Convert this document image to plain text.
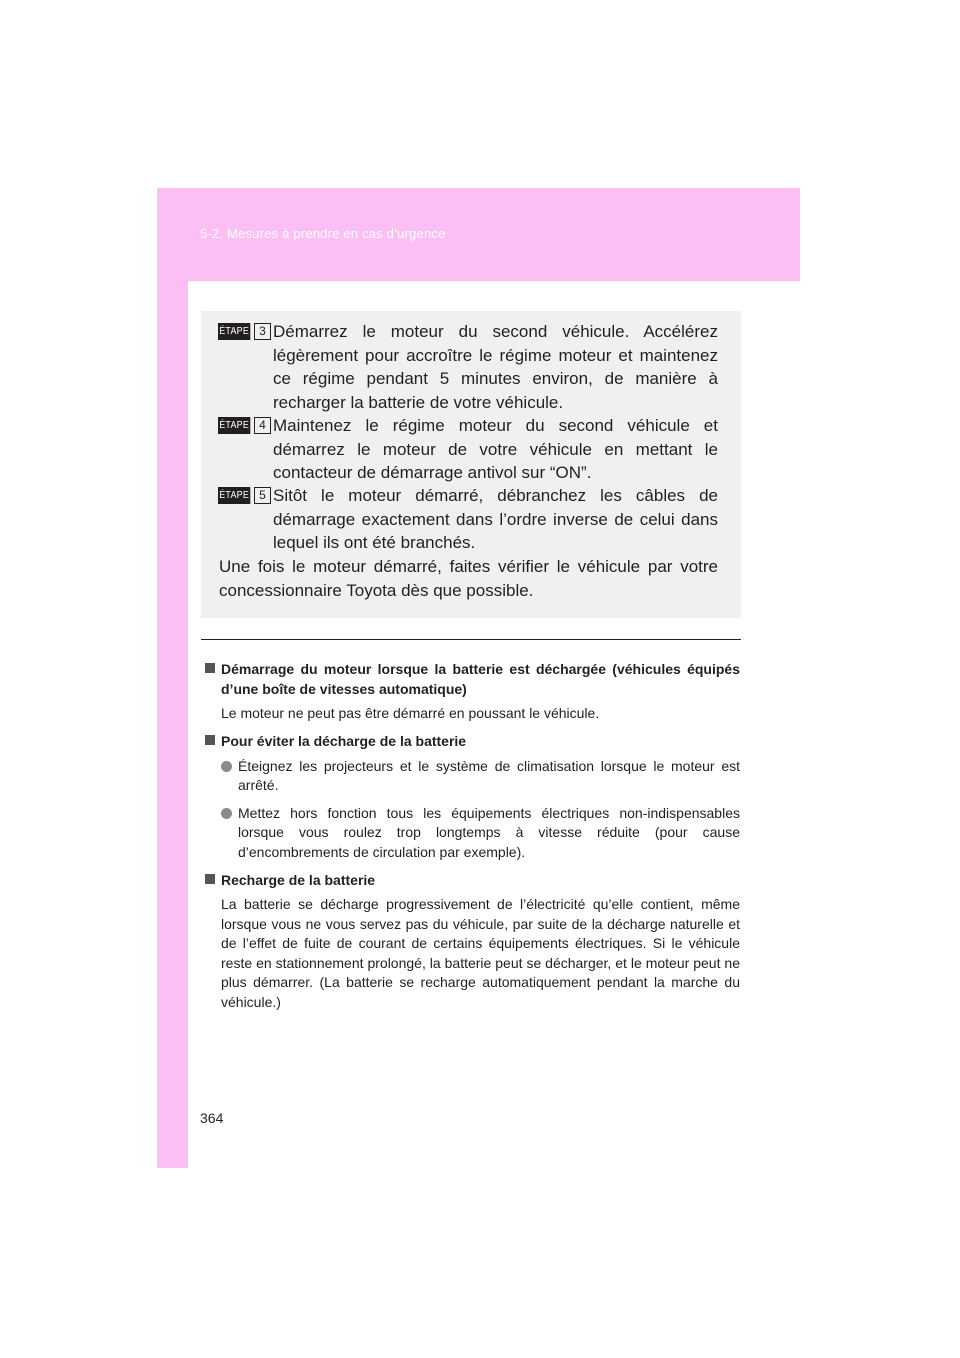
5-2. Mesures à prendre en cas d’urgence
ÉTAPE 3 Démarrez le moteur du second véhicule. Accélérez légèrement pour accroître le régime moteur et maintenez ce régime pendant 5 minutes environ, de manière à recharger la batterie de votre véhicule.
ÉTAPE 4 Maintenez le régime moteur du second véhicule et démarrez le moteur de votre véhicule en mettant le contacteur de démarrage antivol sur “ON”.
ÉTAPE 5 Sitôt le moteur démarré, débranchez les câbles de démarrage exactement dans l’ordre inverse de celui dans lequel ils ont été branchés.
Une fois le moteur démarré, faites vérifier le véhicule par votre concessionnaire Toyota dès que possible.
Démarrage du moteur lorsque la batterie est déchargée (véhicules équipés d’une boîte de vitesses automatique)
Le moteur ne peut pas être démarré en poussant le véhicule.
Pour éviter la décharge de la batterie
Éteignez les projecteurs et le système de climatisation lorsque le moteur est arrêté.
Mettez hors fonction tous les équipements électriques non-indispensables lorsque vous roulez trop longtemps à vitesse réduite (pour cause d’encombrements de circulation par exemple).
Recharge de la batterie
La batterie se décharge progressivement de l’électricité qu’elle contient, même lorsque vous ne vous servez pas du véhicule, par suite de la décharge naturelle et de l’effet de fuite de courant de certains équipements électriques. Si le véhicule reste en stationnement prolongé, la batterie peut se décharger, et le moteur peut ne plus démarrer. (La batterie se recharge automatiquement pendant la marche du véhicule.)
364
